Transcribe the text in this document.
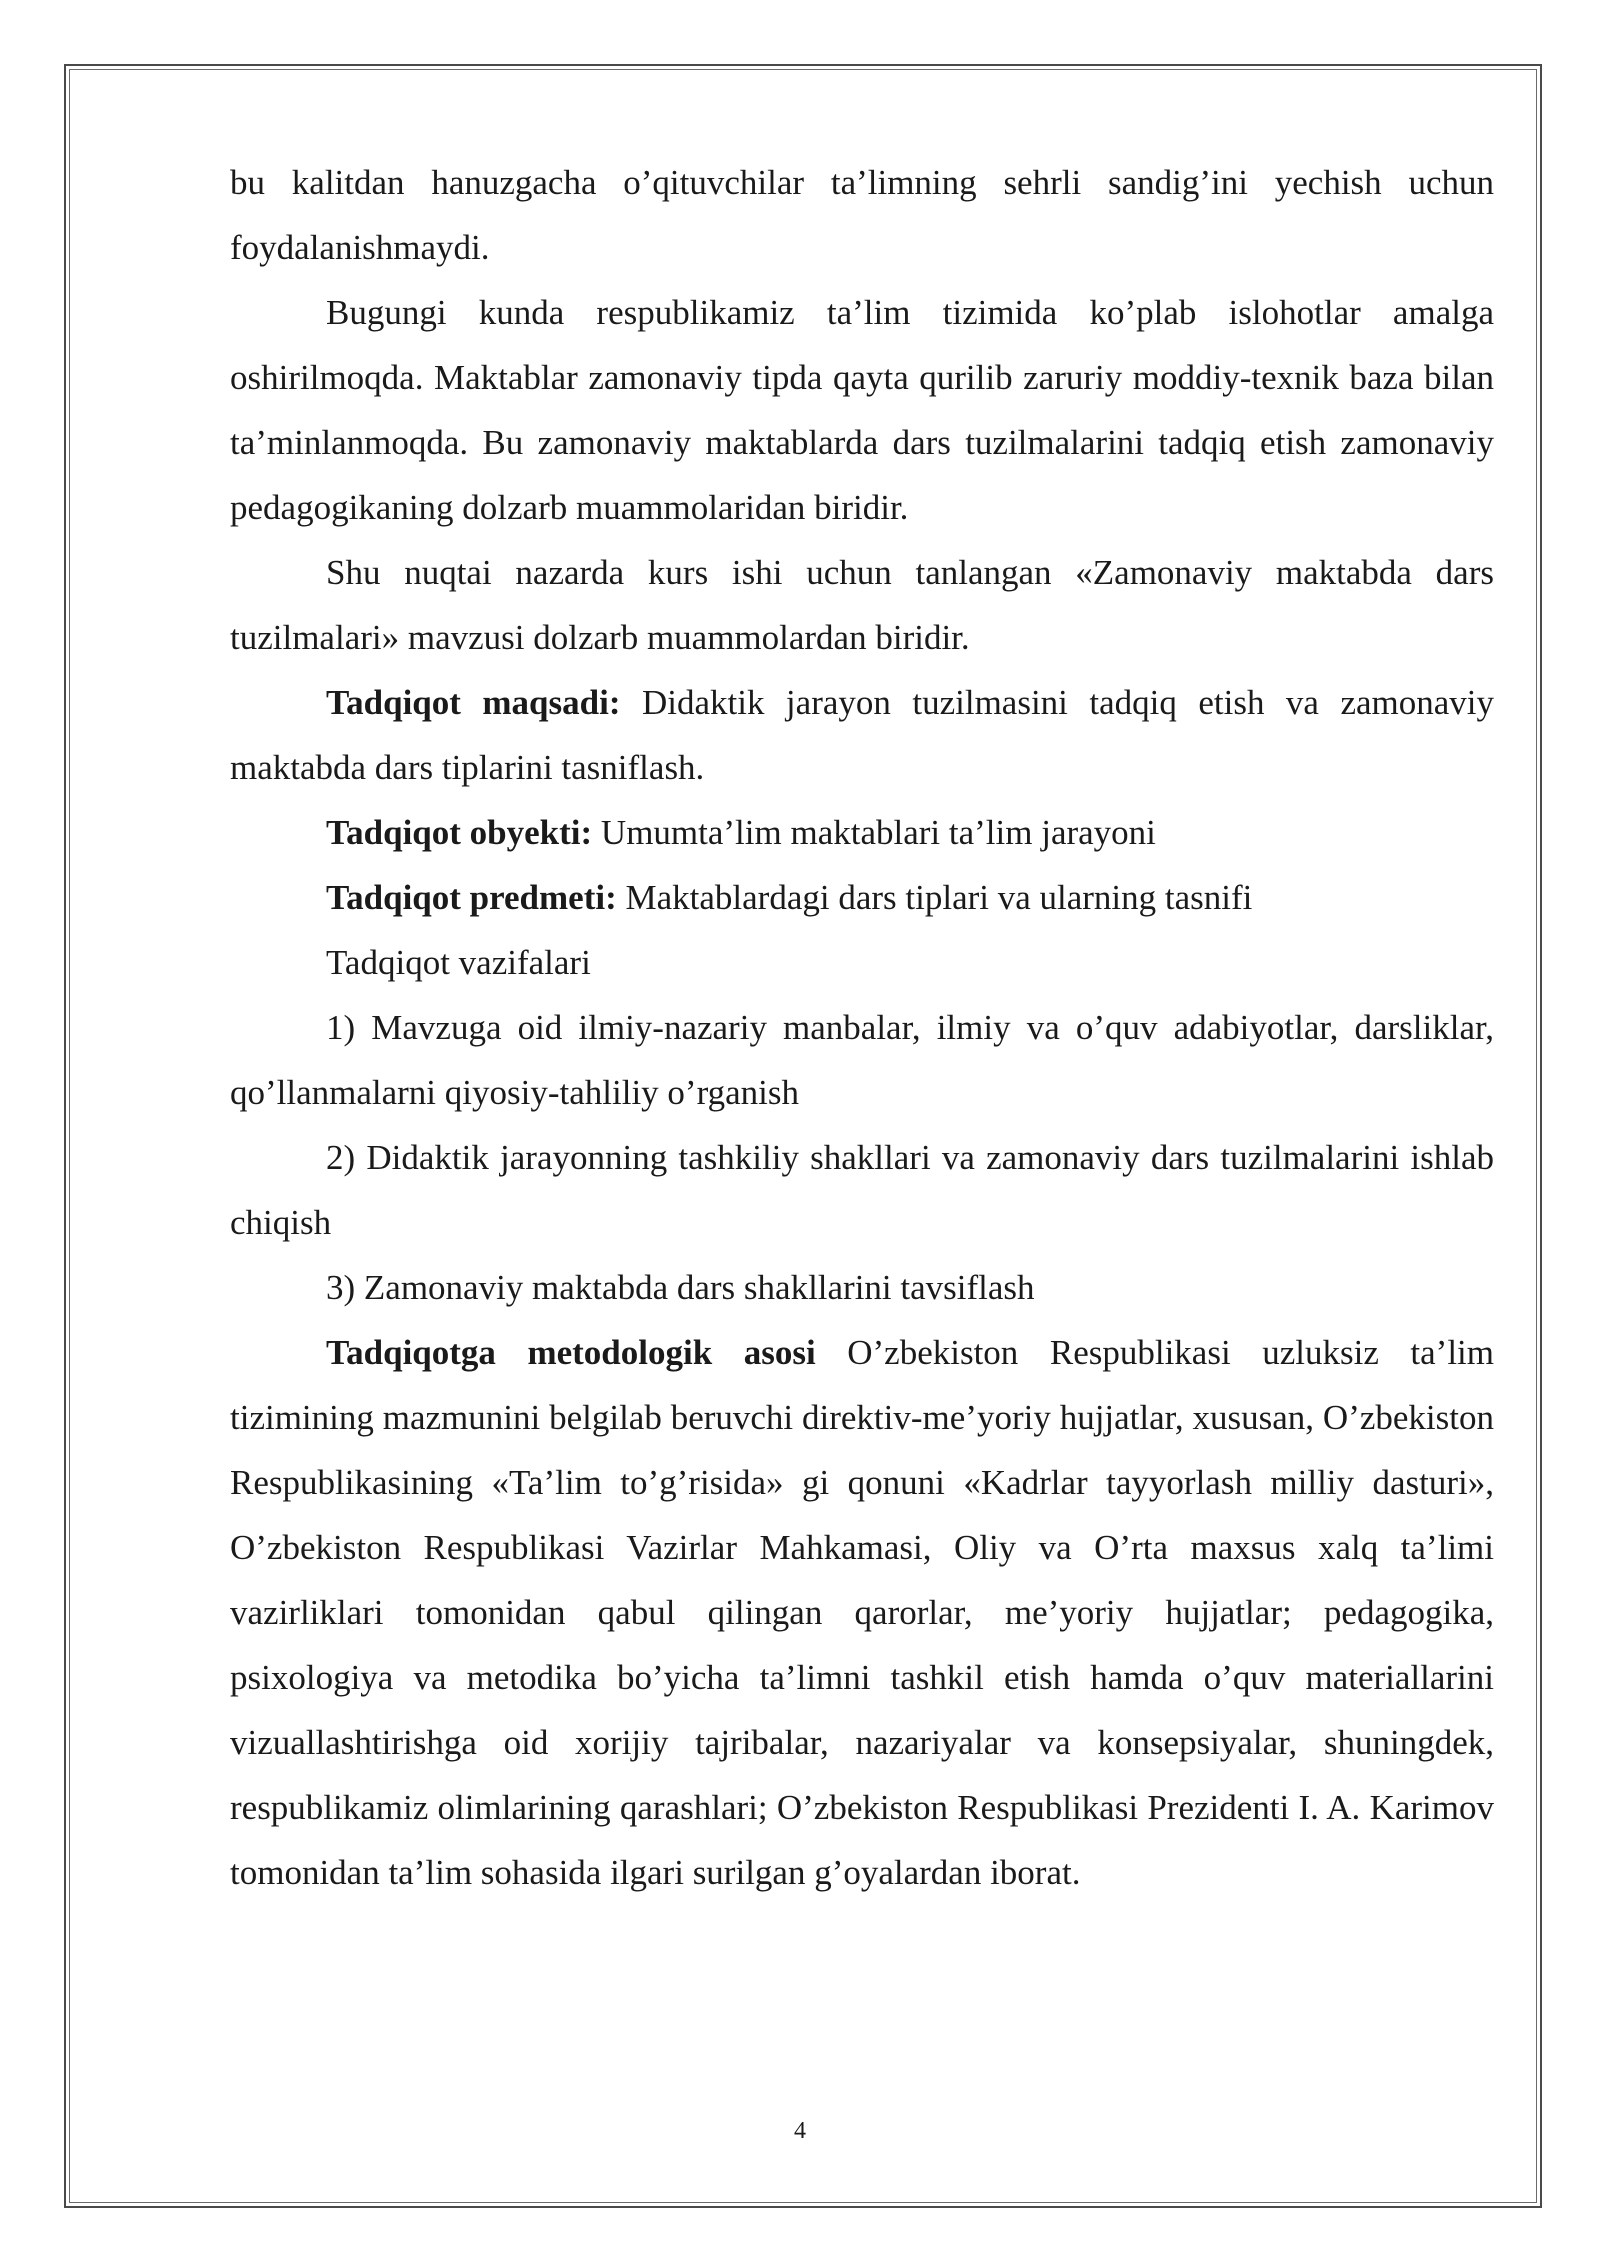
bu kalitdan hanuzgacha o’qituvchilar ta’limning sehrli sandig’ini yechish uchun foydalanishmaydi.

Bugungi kunda respublikamiz ta’lim tizimida ko’plab islohotlar amalga oshirilmoqda. Maktablar zamonaviy tipda qayta qurilib zaruriy moddiy-texnik baza bilan ta’minlanmoqda. Bu zamonaviy maktablarda dars tuzilmalarini tadqiq etish zamonaviy pedagogikaning dolzarb muammolaridan biridir.

Shu nuqtai nazarda kurs ishi uchun tanlangan «Zamonaviy maktabda dars tuzilmalari» mavzusi dolzarb muammolardan biridir.

Tadqiqot maqsadi: Didaktik jarayon tuzilmasini tadqiq etish va zamonaviy maktabda dars tiplarini tasniflash.

Tadqiqot obyekti: Umumta’lim maktablari ta’lim jarayoni

Tadqiqot predmeti: Maktablardagi dars tiplari va ularning tasnifi

Tadqiqot vazifalari

1) Mavzuga oid ilmiy-nazariy manbalar, ilmiy va o’quv adabiyotlar, darsliklar, qo’llanmalarni qiyosiy-tahliliy o’rganish

2) Didaktik jarayonning tashkiliy shakllari va zamonaviy dars tuzilmalarini ishlab chiqish

3) Zamonaviy maktabda dars shakllarini tavsiflash

Tadqiqotga metodologik asosi O’zbekiston Respublikasi uzluksiz ta’lim tizimining mazmunini belgilab beruvchi direktiv-me’yoriy hujjatlar, xususan, O’zbekiston Respublikasining «Ta’lim to’g’risida» gi qonuni «Kadrlar tayyorlash milliy dasturi», O’zbekiston Respublikasi Vazirlar Mahkamasi, Oliy va O’rta maxsus xalq ta’limi vazirliklari tomonidan qabul qilingan qarorlar, me’yoriy hujjatlar; pedagogika, psixologiya va metodika bo’yicha ta’limni tashkil etish hamda o’quv materiallarini vizuallashtirishga oid xorijiy tajribalar, nazariyalar va konsepsiyalar, shuningdek, respublikamiz olimlarining qarashlari; O’zbekiston Respublikasi Prezidenti I. A. Karimov tomonidan ta’lim sohasida ilgari surilgan g’oyalardan iborat.

4
